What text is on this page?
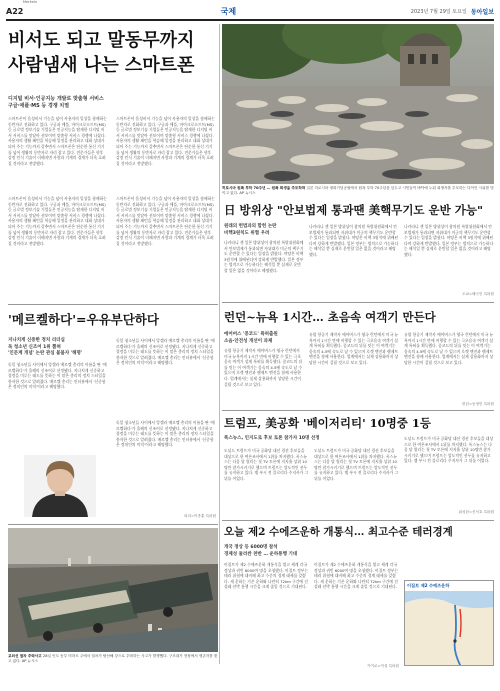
A22	국제	2023년 7월 29일 토요일 동아일보
비서도 되고 말동무까지
사람냄새 나는 스마트폰
디지털 비서·인공지능 개발로 맞춤형 서비스
구글·애플·MS 등 경쟁 치열
스마트폰이 음성비서 기능을 넘어 사용자의 일상을 함께하는 동반자로 진화하고 있다. 구글과 애플, 마이크로소프트(MS) 등 글로벌 정보기술 기업들은 인공지능을 탑재한 디지털 비서 서비스를 잇달아 선보이며 맞춤형 서비스 경쟁에 나섰다. 사용자의 생활 패턴을 학습해 일정을 관리하고 대화 상대가 되어 주는 기능까지 갖추면서 스마트폰은 단순한 통신 기기를 넘어 생활의 동반자로 자리 잡고 있다. 전문가들은 향후 감정 인식 기술이 더해지면 사람과 기계의 경계가 더욱 흐려질 것이라고 전망했다.
스마트폰이 음성비서 기능을 넘어 사용자의 일상을 함께하는 동반자로 진화하고 있다. 구글과 애플, 마이크로소프트(MS) 등 글로벌 정보기술 기업들은 인공지능을 탑재한 디지털 비서 서비스를 잇달아 선보이며 맞춤형 서비스 경쟁에 나섰다. 사용자의 생활 패턴을 학습해 일정을 관리하고 대화 상대가 되어 주는 기능까지 갖추면서 스마트폰은 단순한 통신 기기를 넘어 생활의 동반자로 자리 잡고 있다. 전문가들은 향후 감정 인식 기술이 더해지면 사람과 기계의 경계가 더욱 흐려질 것이라고 전망했다.
스마트폰이 음성비서 기능을 넘어 사용자의 일상을 함께하는 동반자로 진화하고 있다. 구글과 애플, 마이크로소프트(MS) 등 글로벌 정보기술 기업들은 인공지능을 탑재한 디지털 비서 서비스를 잇달아 선보이며 맞춤형 서비스 경쟁에 나섰다. 사용자의 생활 패턴을 학습해 일정을 관리하고 대화 상대가 되어 주는 기능까지 갖추면서 스마트폰은 단순한 통신 기기를 넘어 생활의 동반자로 자리 잡고 있다. 전문가들은 향후 감정 인식 기술이 더해지면 사람과 기계의 경계가 더욱 흐려질 것이라고 전망했다.
스마트폰이 음성비서 기능을 넘어 사용자의 일상을 함께하는 동반자로 진화하고 있다. 구글과 애플, 마이크로소프트(MS) 등 글로벌 정보기술 기업들은 인공지능을 탑재한 디지털 비서 서비스를 잇달아 선보이며 맞춤형 서비스 경쟁에 나섰다. 사용자의 생활 패턴을 학습해 일정을 관리하고 대화 상대가 되어 주는 기능까지 갖추면서 스마트폰은 단순한 통신 기기를 넘어 생활의 동반자로 자리 잡고 있다. 전문가들은 향후 감정 인식 기술이 더해지면 사람과 기계의 경계가 더욱 흐려질 것이라고 전망했다.
히로시마 원폭 투하 70주년 … 원폭 희생을 추모하며 일본 히로시마 평화기념공원에서 원폭 투하 70주년을 앞두고 시민들이 바닥에 누워 희생자를 추모하는 다이인 시위를 벌이고 있다. AP 뉴시스
日 방위상 "안보법제 통과땐 美핵무기도 운반 가능"
원래의 헌법과의 합헌 논란
비핵3원칙도 위협 우려
나카타니 겐 일본 방위상이 참의원 특별위원회에서 안보법제가 통과되면 자위대가 미군의 핵무기도 운반할 수 있다는 입장을 밝혔다. 야당은 비핵 3원칙에 위배된다며 강하게 반발했다. 일본 정부는 법적으로 가능하다는 해석일 뿐 실제로 운반할 일은 없을 것이라고 해명했다.
나카타니 겐 일본 방위상이 참의원 특별위원회에서 안보법제가 통과되면 자위대가 미군의 핵무기도 운반할 수 있다는 입장을 밝혔다. 야당은 비핵 3원칙에 위배된다며 강하게 반발했다. 일본 정부는 법적으로 가능하다는 해석일 뿐 실제로 운반할 일은 없을 것이라고 해명했다.
나카타니 겐 일본 방위상이 참의원 특별위원회에서 안보법제가 통과되면 자위대가 미군의 핵무기도 운반할 수 있다는 입장을 밝혔다. 야당은 비핵 3원칙에 위배된다며 강하게 반발했다. 일본 정부는 법적으로 가능하다는 해석일 뿐 실제로 운반할 일은 없을 것이라고 해명했다.
도쿄=배극인 특파원
'메르켈하다'=우유부단하다
Merkeln
지나치게 신중한 정치 리더십
독 청소년 신조어 1위 뽑혀
'인문계 개념' 논란 관심 불붙자 '해명'
독일 청소년들 사이에서 앙겔라 메르켈 총리의 이름을 딴 '메르켈하다'가 올해의 신조어로 선정됐다. 지나치게 신중하고 결정을 미루는 태도를 뜻하는 이 말은 총리의 정치 스타일을 풍자한 것으로 알려졌다. 메르켈 총리는 인터뷰에서 '신중함은 정치인의 미덕'이라고 해명했다.
독일 청소년들 사이에서 앙겔라 메르켈 총리의 이름을 딴 '메르켈하다'가 올해의 신조어로 선정됐다. 지나치게 신중하고 결정을 미루는 태도를 뜻하는 이 말은 총리의 정치 스타일을 풍자한 것으로 알려졌다. 메르켈 총리는 인터뷰에서 '신중함은 정치인의 미덕'이라고 해명했다.
독일 청소년들 사이에서 앙겔라 메르켈 총리의 이름을 딴 '메르켈하다'가 올해의 신조어로 선정됐다. 지나치게 신중하고 결정을 미루는 태도를 뜻하는 이 말은 총리의 정치 스타일을 풍자한 것으로 알려졌다. 메르켈 총리는 인터뷰에서 '신중함은 정치인의 미덕'이라고 해명했다.
파리=이종훈 특파원
교외선 열차 추락사고 28일 인도 동부 비하르 주에서 열차가 탈선해 강으로 추락하는 사고가 발생했다. 구조대가 현장에서 생존자를 찾고 있다. AP 뉴시스
런던~뉴욕 1시간… 초음속 여객기 만든다
에어버스 '콩코드' 특허출원
소음·안전성 개선이 과제
유럽 항공기 제작사 에어버스가 영국 런던에서 미국 뉴욕까지 1시간 만에 비행할 수 있는 극초음속 여객기 설계 특허를 획득했다. 콩코드의 뒤를 잇는 이 여객기는 음속의 4.5배 속도로 날 수 있으며 로켓 엔진과 램제트 엔진을 함께 사용한다. 업계에서는 실제 상용화까지 상당한 시간이 걸릴 것으로 보고 있다.
유럽 항공기 제작사 에어버스가 영국 런던에서 미국 뉴욕까지 1시간 만에 비행할 수 있는 극초음속 여객기 설계 특허를 획득했다. 콩코드의 뒤를 잇는 이 여객기는 음속의 4.5배 속도로 날 수 있으며 로켓 엔진과 램제트 엔진을 함께 사용한다. 업계에서는 실제 상용화까지 상당한 시간이 걸릴 것으로 보고 있다.
유럽 항공기 제작사 에어버스가 영국 런던에서 미국 뉴욕까지 1시간 만에 비행할 수 있는 극초음속 여객기 설계 특허를 획득했다. 콩코드의 뒤를 잇는 이 여객기는 음속의 4.5배 속도로 날 수 있으며 로켓 엔진과 램제트 엔진을 함께 사용한다. 업계에서는 실제 상용화까지 상당한 시간이 걸릴 것으로 보고 있다.
런던=동정민 특파원
트럼프, 美공화 '베이저리티' 10명중 1등
폭스뉴스, 인지도로 후보 토론 참가자 10명 선정
도널드 트럼프가 미국 공화당 대선 경선 후보들을 대상으로 한 여론조사에서 1위를 차지했다. 폭스뉴스는 다음 달 열리는 첫 TV 토론에 지지율 상위 10명만 참가시키기로 했으며 트럼프는 압도적인 선두를 유지하고 있다. 젭 부시 전 플로리다 주지사가 그 뒤를 이었다.
도널드 트럼프가 미국 공화당 대선 경선 후보들을 대상으로 한 여론조사에서 1위를 차지했다. 폭스뉴스는 다음 달 열리는 첫 TV 토론에 지지율 상위 10명만 참가시키기로 했으며 트럼프는 압도적인 선두를 유지하고 있다. 젭 부시 전 플로리다 주지사가 그 뒤를 이었다.
도널드 트럼프가 미국 공화당 대선 경선 후보들을 대상으로 한 여론조사에서 1위를 차지했다. 폭스뉴스는 다음 달 열리는 첫 TV 토론에 지지율 상위 10명만 참가시키기로 했으며 트럼프는 압도적인 선두를 유지하고 있다. 젭 부시 전 플로리다 주지사가 그 뒤를 이었다.
워싱턴=신석호 특파원
오늘 제2 수에즈운하 개통식… 최고수준 테러경계
개국 정상 등 6000명 참석
경제성 둘러싼 찬반 … 운하통행 기대
이집트가 제2 수에즈운하 개통식을 열고 세계 각국 정상과 귀빈 6000여 명을 초청했다. 이집트 정부는 테러 위협에 대비해 최고 수준의 경계 태세를 갖췄다. 새 운하는 기존 운하와 나란히 72km 구간에 건설돼 선박 통행 시간을 크게 줄일 것으로 기대된다.
이집트가 제2 수에즈운하 개통식을 열고 세계 각국 정상과 귀빈 6000여 명을 초청했다. 이집트 정부는 테러 위협에 대비해 최고 수준의 경계 태세를 갖췄다. 새 운하는 기존 운하와 나란히 72km 구간에 건설돼 선박 통행 시간을 크게 줄일 것으로 기대된다.
카이로=이설 특파원
이집트 제2 수에즈운하
